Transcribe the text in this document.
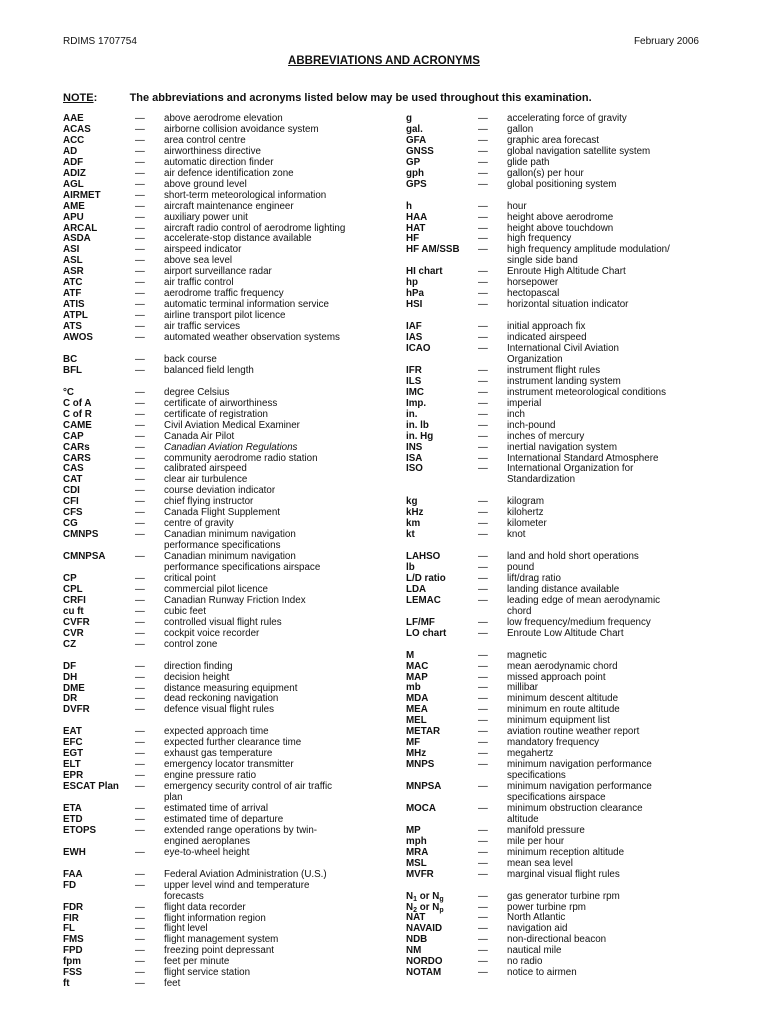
RDIMS 1707754	February 2006
ABBREVIATIONS AND ACRONYMS
NOTE:	The abbreviations and acronyms listed below may be used throughout this examination.
AAE	—	above aerodrome elevation
ACAS	—	airborne collision avoidance system
ACC	—	area control centre
AD	—	airworthiness directive
ADF	—	automatic direction finder
ADIZ	—	air defence identification zone
AGL	—	above ground level
AIRMET	—	short-term meteorological information
AME	—	aircraft maintenance engineer
APU	—	auxiliary power unit
ARCAL	—	aircraft radio control of aerodrome lighting
ASDA	—	accelerate-stop distance available
ASI	—	airspeed indicator
ASL	—	above sea level
ASR	—	airport surveillance radar
ATC	—	air traffic control
ATF	—	aerodrome traffic frequency
ATIS	—	automatic terminal information service
ATPL	—	airline transport pilot licence
ATS	—	air traffic services
AWOS	—	automated weather observation systems
BC	—	back course
BFL	—	balanced field length
°C	—	degree Celsius
C of A	—	certificate of airworthiness
C of R	—	certificate of registration
CAME	—	Civil Aviation Medical Examiner
CAP	—	Canada Air Pilot
CARs	—	Canadian Aviation Regulations
CARS	—	community aerodrome radio station
CAS	—	calibrated airspeed
CAT	—	clear air turbulence
CDI	—	course deviation indicator
CFI	—	chief flying instructor
CFS	—	Canada Flight Supplement
CG	—	centre of gravity
CMNPS	—	Canadian minimum navigation
performance specifications
CMNPSA	—	Canadian minimum navigation
performance specifications airspace
CP	—	critical point
CPL	—	commercial pilot licence
CRFI	—	Canadian Runway Friction Index
cu ft	—	cubic feet
CVFR	—	controlled visual flight rules
CVR	—	cockpit voice recorder
CZ	—	control zone
DF	—	direction finding
DH	—	decision height
DME	—	distance measuring equipment
DR	—	dead reckoning navigation
DVFR	—	defence visual flight rules
EAT	—	expected approach time
EFC	—	expected further clearance time
EGT	—	exhaust gas temperature
ELT	—	emergency locator transmitter
EPR	—	engine pressure ratio
ESCAT Plan	—	emergency security control of air traffic
plan
ETA	—	estimated time of arrival
ETD	—	estimated time of departure
ETOPS	—	extended range operations by twin-
engined aeroplanes
EWH	—	eye-to-wheel height
FAA	—	Federal Aviation Administration (U.S.)
FD	—	upper level wind and temperature
forecasts
FDR	—	flight data recorder
FIR	—	flight information region
FL	—	flight level
FMS	—	flight management system
FPD	—	freezing point depressant
fpm	—	feet per minute
FSS	—	flight service station
ft	—	feet
g	—	accelerating force of gravity
gal.	—	gallon
GFA	—	graphic area forecast
GNSS	—	global navigation satellite system
GP	—	glide path
gph	—	gallon(s) per hour
GPS	—	global positioning system
h	—	hour
HAA	—	height above aerodrome
HAT	—	height above touchdown
HF	—	high frequency
HF AM/SSB	—	high frequency amplitude modulation/
single side band
HI chart	—	Enroute High Altitude Chart
hp	—	horsepower
hPa	—	hectopascal
HSI	—	horizontal situation indicator
IAF	—	initial approach fix
IAS	—	indicated airspeed
ICAO	—	International Civil Aviation
Organization
IFR	—	instrument flight rules
ILS	—	instrument landing system
IMC	—	instrument meteorological conditions
Imp.	—	imperial
in.	—	inch
in. lb	—	inch-pound
in. Hg	—	inches of mercury
INS	—	inertial navigation system
ISA	—	International Standard Atmosphere
ISO	—	International Organization for
Standardization
kg	—	kilogram
kHz	—	kilohertz
km	—	kilometer
kt	—	knot
LAHSO	—	land and hold short operations
lb	—	pound
L/D ratio	—	lift/drag ratio
LDA	—	landing distance available
LEMAC	—	leading edge of mean aerodynamic
chord
LF/MF	—	low frequency/medium frequency
LO chart	—	Enroute Low Altitude Chart
M	—	magnetic
MAC	—	mean aerodynamic chord
MAP	—	missed approach point
mb	—	millibar
MDA	—	minimum descent altitude
MEA	—	minimum en route altitude
MEL	—	minimum equipment list
METAR	—	aviation routine weather report
MF	—	mandatory frequency
MHz	—	megahertz
MNPS	—	minimum navigation performance
specifications
MNPSA	—	minimum navigation performance
specifications airspace
MOCA	—	minimum obstruction clearance
altitude
MP	—	manifold pressure
mph	—	mile per hour
MRA	—	minimum reception altitude
MSL	—	mean sea level
MVFR	—	marginal visual flight rules
$N_1$ or $N_g$	—	gas generator turbine rpm
$N_2$ or $N_p$	—	power turbine rpm
NAT	—	North Atlantic
NAVAID	—	navigation aid
NDB	—	non-directional beacon
NM	—	nautical mile
NORDO	—	no radio
NOTAM	—	notice to airmen
